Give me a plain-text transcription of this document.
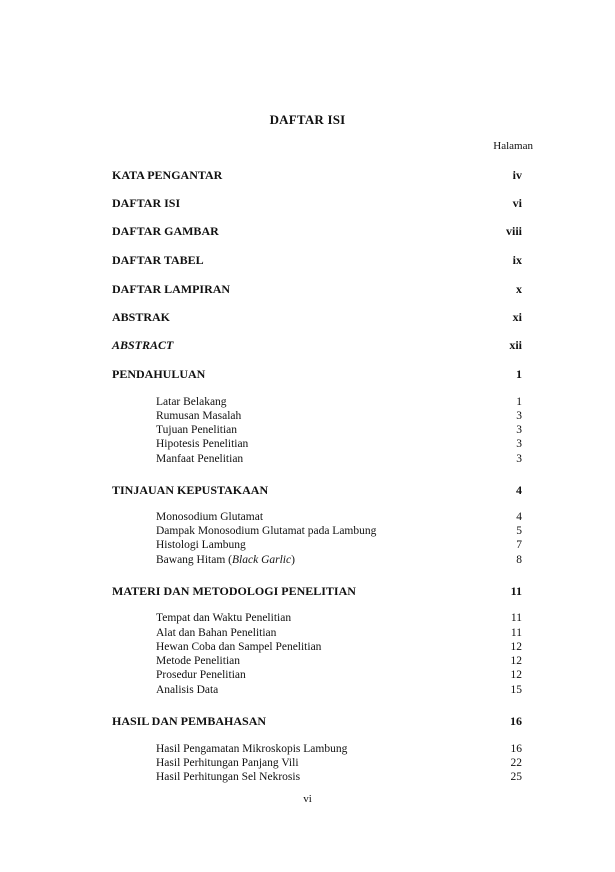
DAFTAR ISI
Halaman
KATA PENGANTAR	iv
DAFTAR ISI	vi
DAFTAR GAMBAR	viii
DAFTAR TABEL	ix
DAFTAR LAMPIRAN	x
ABSTRAK	xi
ABSTRACT	xii
PENDAHULUAN	1
Latar Belakang	1
Rumusan Masalah	3
Tujuan Penelitian	3
Hipotesis Penelitian	3
Manfaat Penelitian	3
TINJAUAN KEPUSTAKAAN	4
Monosodium Glutamat	4
Dampak Monosodium Glutamat pada Lambung	5
Histologi Lambung	7
Bawang Hitam (Black Garlic)	8
MATERI DAN METODOLOGI PENELITIAN	11
Tempat dan Waktu Penelitian	11
Alat dan Bahan Penelitian	11
Hewan Coba dan Sampel Penelitian	12
Metode Penelitian	12
Prosedur Penelitian	12
Analisis Data	15
HASIL DAN PEMBAHASAN	16
Hasil Pengamatan Mikroskopis Lambung	16
Hasil Perhitungan Panjang Vili	22
Hasil Perhitungan Sel Nekrosis	25
vi
